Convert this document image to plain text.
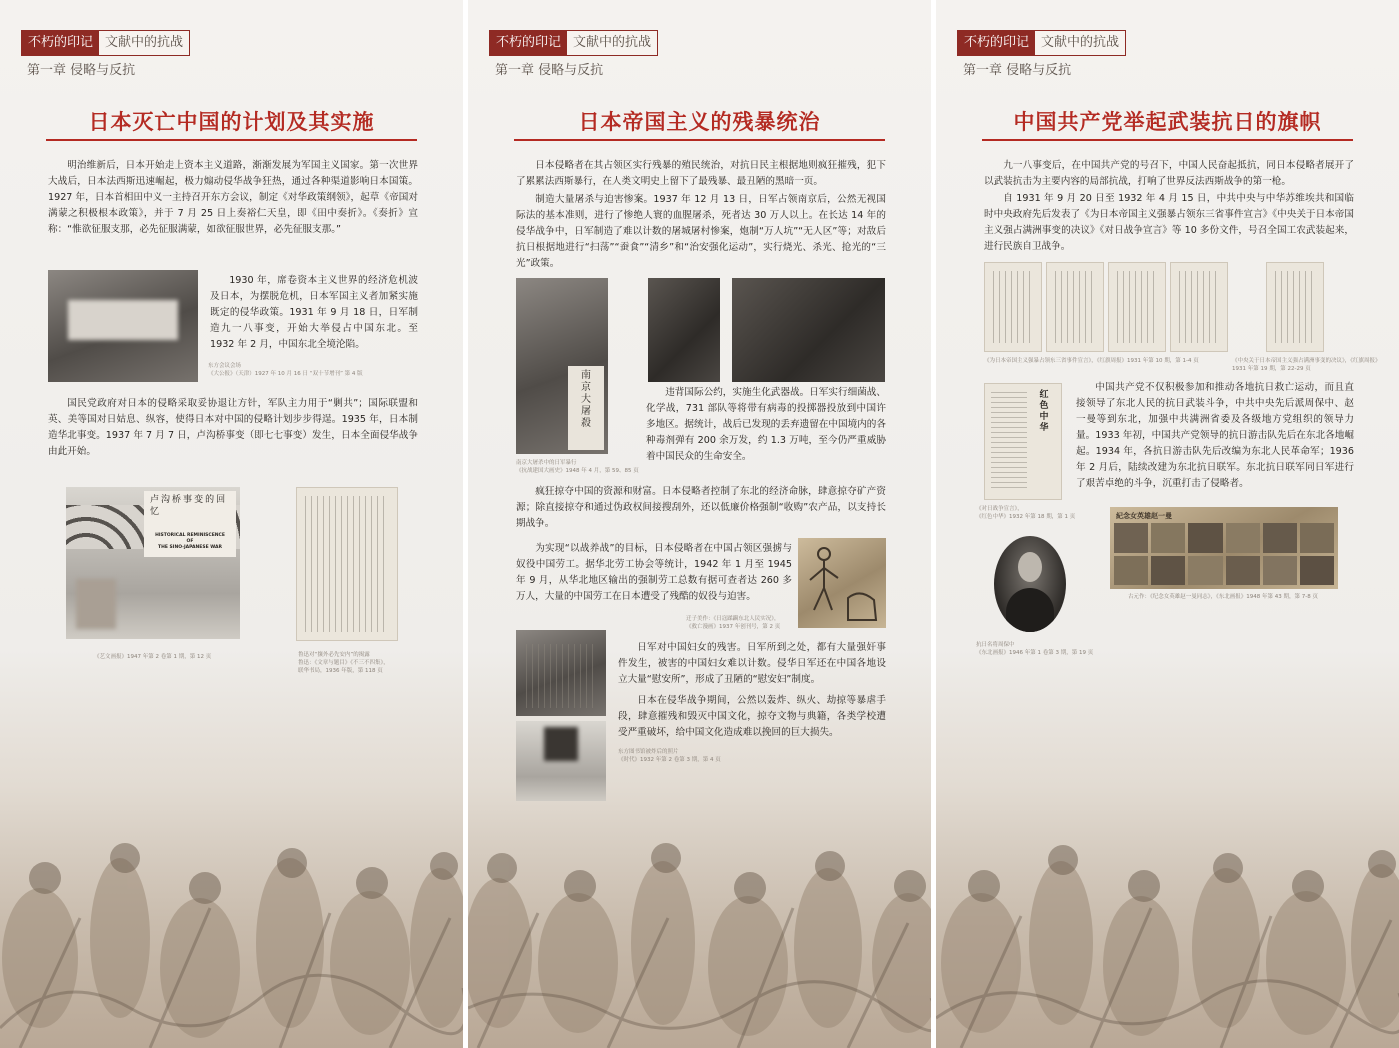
不朽的印记 文献中的抗战
第一章 侵略与反抗
日本灭亡中国的计划及其实施

明治维新后，日本开始走上资本主义道路，渐渐发展为军国主义国家。第一次世界大战后，日本法西斯迅速崛起，极力煽动侵华战争狂热，通过各种渠道影响日本国策。1927 年，日本首相田中义一主持召开东方会议，制定《对华政策纲领》，起草《帝国对满蒙之积极根本政策》，并于 7 月 25 日上奏裕仁天皇，即《田中奏折》。《奏折》宣称：“惟欲征服支那，必先征服满蒙，如欲征服世界，必先征服支那。”

东方会议会场
《大公报》（天津）1927 年 10 月 16 日 “双十节增刊” 第 4 版

1930 年，席卷资本主义世界的经济危机波及日本，为摆脱危机，日本军国主义者加紧实施既定的侵华政策。1931 年 9 月 18 日，日军制造九一八事变，开始大举侵占中国东北。至 1932 年 2 月，中国东北全境沦陷。

国民党政府对日本的侵略采取妥协退让方针，军队主力用于“剿共”；国际联盟和英、美等国对日姑息、纵容，使得日本对中国的侵略计划步步得逞。1935 年，日本制造华北事变。1937 年 7 月 7 日，卢沟桥事变（即七七事变）发生，日本全面侵华战争由此开始。

HISTORICAL REMINISCENCE
OF
THE SINO-JAPANESE WAR
卢 沟 桥 事 变 的 回
忆
《艺文画报》1947 年第 2 卷第 1 期，第 12 页	鲁迅对“攘外必先安内”的揭露
鲁迅：《文章与题目》《不三不四集》，
联华书局，1936 年版，第 118 页
不朽的印记 文献中的抗战
第一章 侵略与反抗
日本帝国主义的残暴统治

日本侵略者在其占领区实行残暴的殖民统治，对抗日民主根据地则疯狂摧残，犯下了累累法西斯暴行，在人类文明史上留下了最残暴、最丑陋的黑暗一页。

制造大量屠杀与迫害惨案。1937 年 12 月 13 日，日军占领南京后，公然无视国际法的基本准则，进行了惨绝人寰的血腥屠杀，死者达 30 万人以上。在长达 14 年的侵华战争中，日军制造了难以计数的屠城屠村惨案，炮制“万人坑”“无人区”等；对敌后抗日根据地进行“扫荡”“蚕食”“清乡”和“治安强化运动”，实行烧光、杀光、抢光的“三光”政策。

南
京
大
屠
殺
南京大屠杀中的日军暴行
《抗战建国大画史》1948 年 4 月，第 59、85 页

违背国际公约，实施生化武器战。日军实行细菌战、化学战，731 部队等将带有病毒的投掷器投放到中国许多地区。据统计，战后已发现的丢弃遗留在中国境内的各种毒剂弹有 200 余万发，约 1.3 万吨，至今仍严重威胁着中国民众的生命安全。

疯狂掠夺中国的资源和财富。日本侵略者控制了东北的经济命脉，肆意掠夺矿产资源；除直接掠夺和通过伪政权间接搜刮外，还以低廉价格强制“收购”农产品，以支持长期战争。

为实现“以战养战”的目标，日本侵略者在中国占领区强掳与奴役中国劳工。据华北劳工协会等统计，1942 年 1 月至 1945 年 9 月，从华北地区输出的强制劳工总数有据可查者达 260 多万人，大量的中国劳工在日本遭受了残酷的奴役与迫害。

迁子美作：《日寇蹂躏东北人民实况》，
《救亡漫画》1937 年创刊号，第 2 页

日军对中国妇女的残害。日军所到之处，都有大量强奸事件发生，被害的中国妇女难以计数。侵华日军还在中国各地设立大量“慰安所”，形成了丑陋的“慰安妇”制度。

日本在侵华战争期间，公然以轰炸、纵火、劫掠等暴虐手段，肆意摧残和毁灭中国文化，掠夺文物与典籍，各类学校遭受严重破坏，给中国文化造成难以挽回的巨大损失。

东方图书馆被炸后的照片
《时代》1932 年第 2 卷第 3 期，第 4 页
不朽的印记 文献中的抗战
第一章 侵略与反抗
中国共产党举起武装抗日的旗帜

九一八事变后，在中国共产党的号召下，中国人民奋起抵抗，同日本侵略者展开了以武装抗击为主要内容的局部抗战，打响了世界反法西斯战争的第一枪。

自 1931 年 9 月 20 日至 1932 年 4 月 15 日，中共中央与中华苏维埃共和国临时中央政府先后发表了《为日本帝国主义强暴占领东三省事件宣言》《中央关于日本帝国主义强占满洲事变的决议》《对日战争宣言》等 10 多份文件，号召全国工农武装起来，进行民族自卫战争。

《为日本帝国主义强暴占领东三省事件宣言》，《红旗周报》1931 年第 10 期，第 1-4 页	《中央关于日本帝国主义强占满洲事变的决议》，《红旗周报》1931 年第 19 期，第 22-29 页
红
色
中
华
《对日战争宣言》，
《红色中华》1932 年第 18 期，第 1 页

中国共产党不仅积极参加和推动各地抗日救亡运动，而且直接领导了东北人民的抗日武装斗争，中共中央先后派周保中、赵一曼等到东北，加强中共满洲省委及各级地方党组织的领导力量。1933 年初，中国共产党领导的抗日游击队先后在东北各地崛起。1934 年，各抗日游击队先后改编为东北人民革命军；1936 年 2 月后，陆续改建为东北抗日联军。东北抗日联军同日军进行了艰苦卓绝的斗争，沉重打击了侵略者。

抗日名将周保中
《东北画报》1946 年第 1 卷第 3 期，第 19 页
紀念女英雄赵一曼
古元作：《纪念女英雄赵一曼同志》，《东北画报》1948 年第 43 期，第 7-8 页
